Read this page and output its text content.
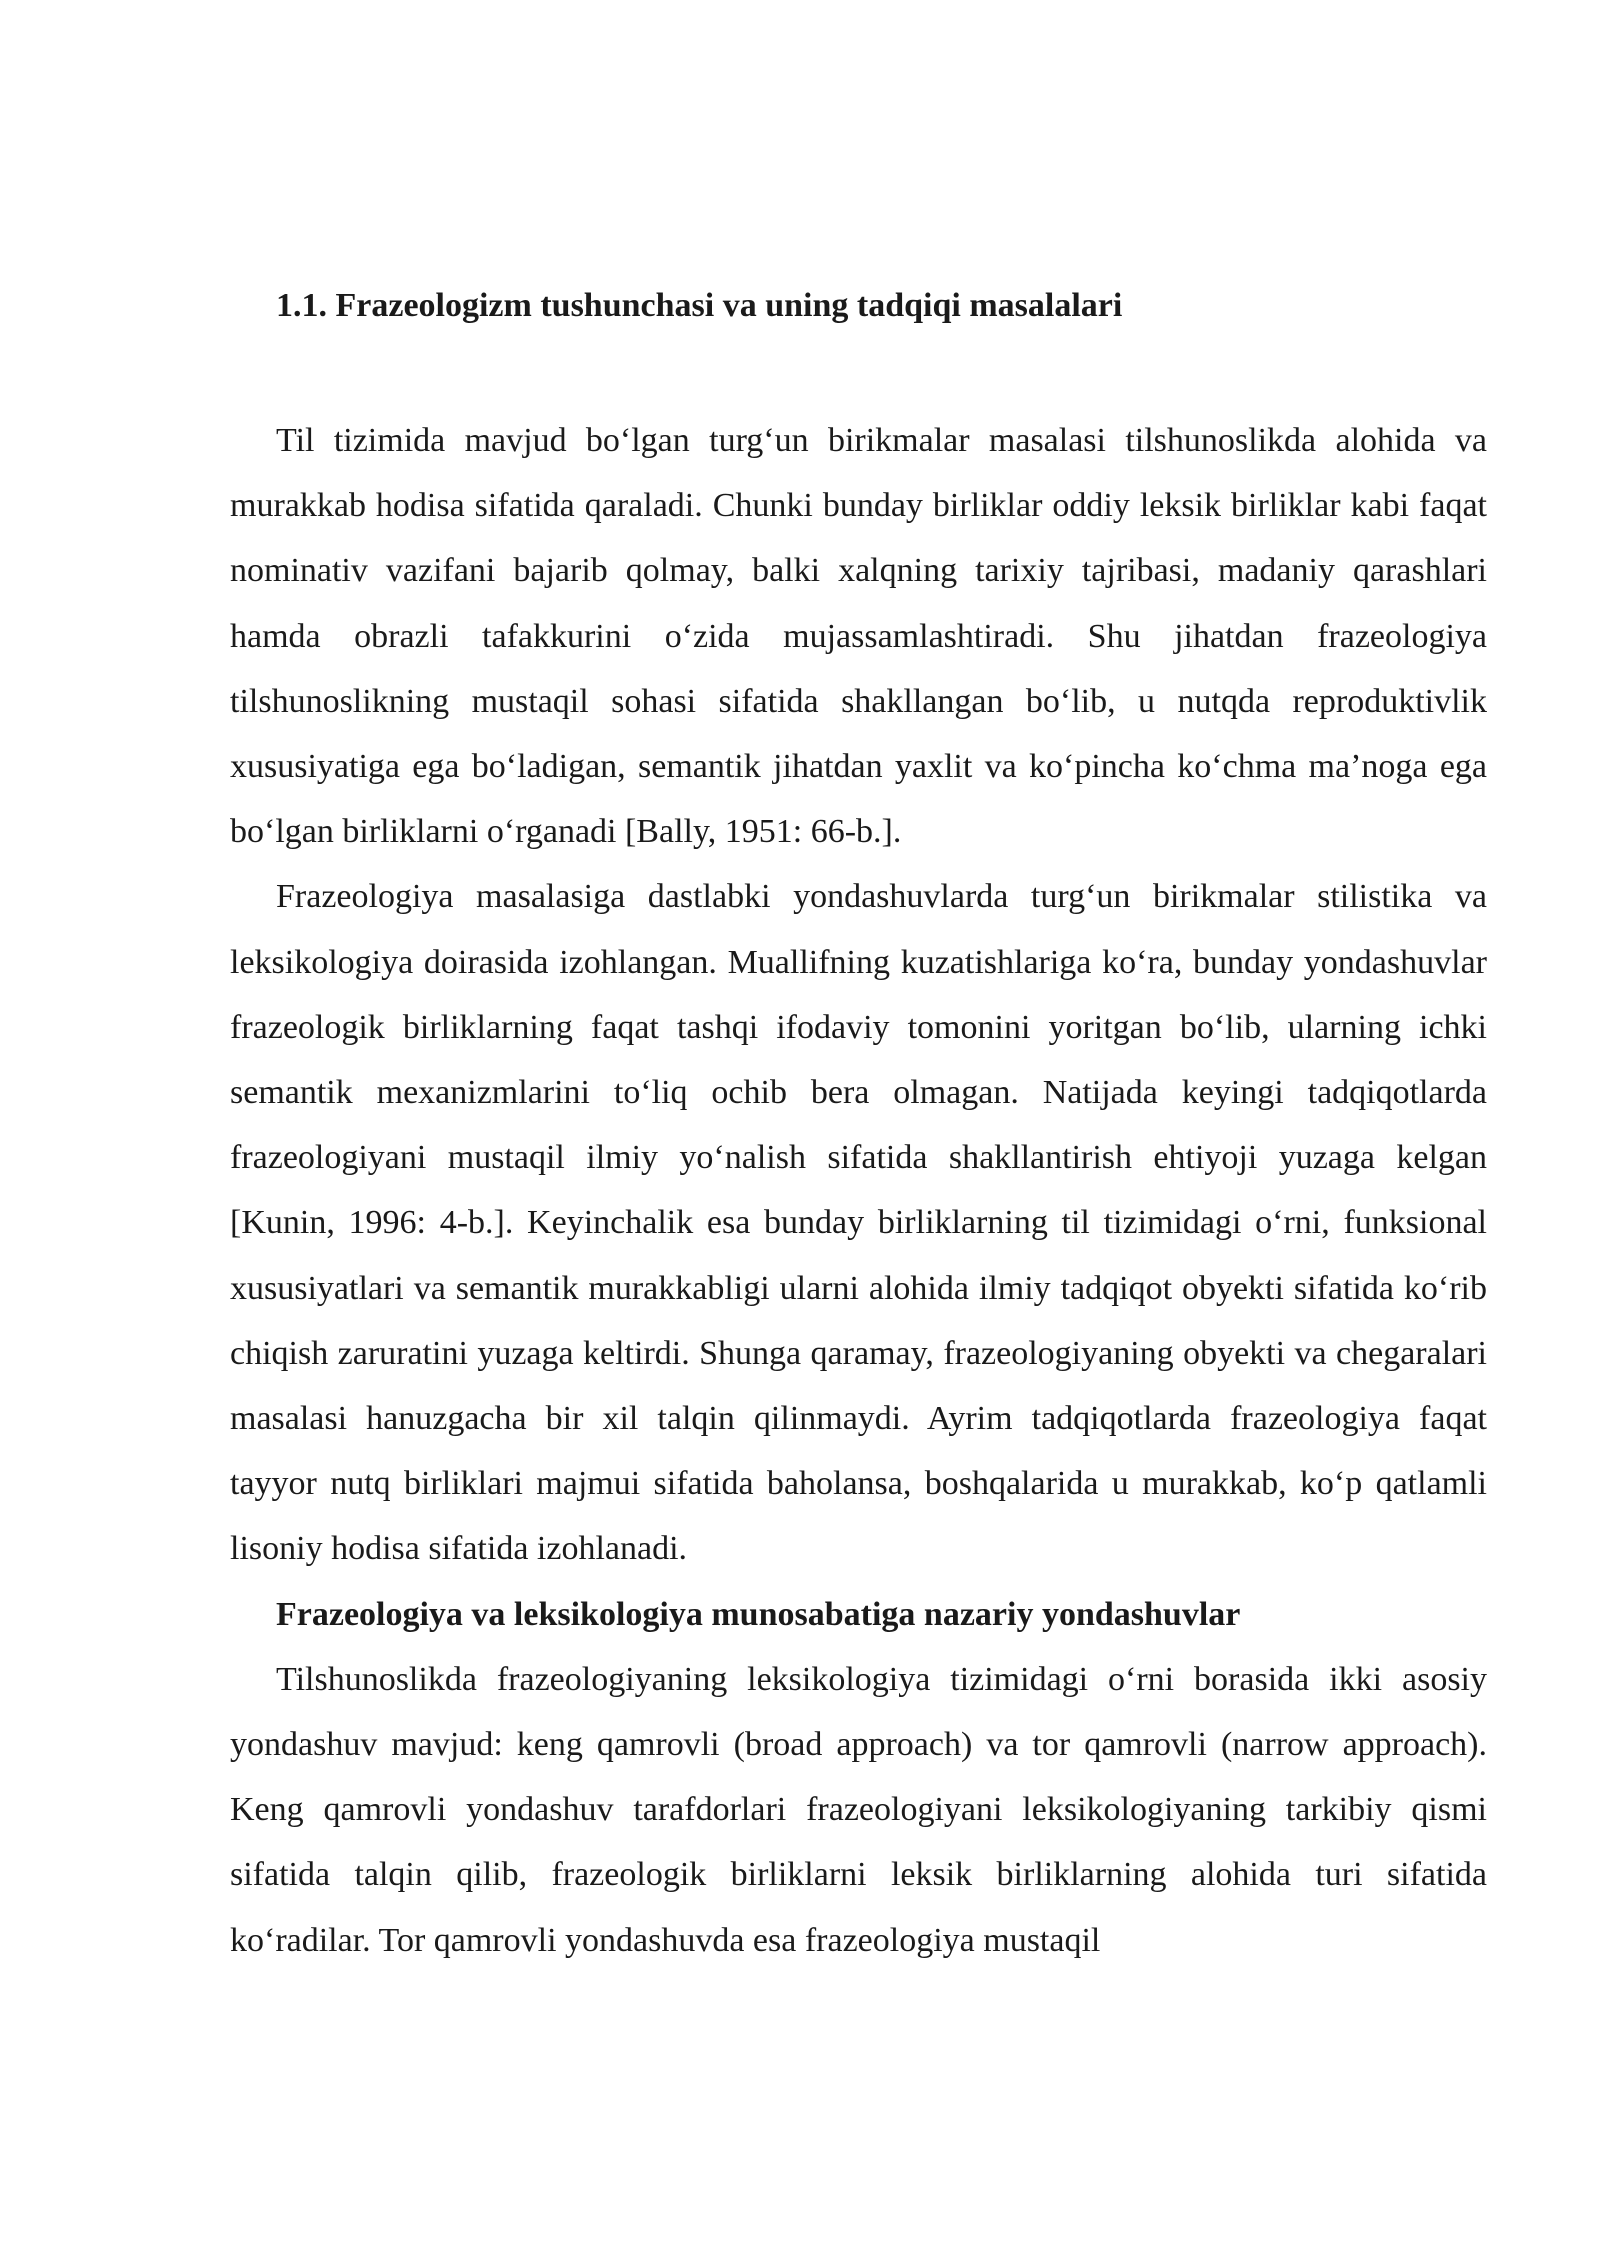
1.1. Frazeologizm tushunchasi va uning tadqiqi masalalari

Til tizimida mavjud bo‘lgan turg‘un birikmalar masalasi tilshunoslikda alohida va murakkab hodisa sifatida qaraladi. Chunki bunday birliklar oddiy leksik birliklar kabi faqat nominativ vazifani bajarib qolmay, balki xalqning tarixiy tajribasi, madaniy qarashlari hamda obrazli tafakkurini o‘zida mujassamlashtiradi. Shu jihatdan frazeologiya tilshunoslikning mustaqil sohasi sifatida shakllangan bo‘lib, u nutqda reproduktivlik xususiyatiga ega bo‘ladigan, semantik jihatdan yaxlit va ko‘pincha ko‘chma ma’noga ega bo‘lgan birliklarni o‘rganadi [Bally, 1951: 66-b.].

Frazeologiya masalasiga dastlabki yondashuvlarda turg‘un birikmalar stilistika va leksikologiya doirasida izohlangan. Muallifning kuzatishlariga ko‘ra, bunday yondashuvlar frazeologik birliklarning faqat tashqi ifodaviy tomonini yoritgan bo‘lib, ularning ichki semantik mexanizmlarini to‘liq ochib bera olmagan. Natijada keyingi tadqiqotlarda frazeologiyani mustaqil ilmiy yo‘nalish sifatida shakllantirish ehtiyoji yuzaga kelgan [Kunin, 1996: 4-b.]. Keyinchalik esa bunday birliklarning til tizimidagi o‘rni, funksional xususiyatlari va semantik murakkabligi ularni alohida ilmiy tadqiqot obyekti sifatida ko‘rib chiqish zaruratini yuzaga keltirdi. Shunga qaramay, frazeologiyaning obyekti va chegaralari masalasi hanuzgacha bir xil talqin qilinmaydi. Ayrim tadqiqotlarda frazeologiya faqat tayyor nutq birliklari majmui sifatida baholansa, boshqalarida u murakkab, ko‘p qatlamli lisoniy hodisa sifatida izohlanadi.

Frazeologiya va leksikologiya munosabatiga nazariy yondashuvlar

Tilshunoslikda frazeologiyaning leksikologiya tizimidagi o‘rni borasida ikki asosiy yondashuv mavjud: keng qamrovli (broad approach) va tor qamrovli (narrow approach). Keng qamrovli yondashuv tarafdorlari frazeologiyani leksikologiyaning tarkibiy qismi sifatida talqin qilib, frazeologik birliklarni leksik birliklarning alohida turi sifatida ko‘radilar. Tor qamrovli yondashuvda esa frazeologiya mustaqil
